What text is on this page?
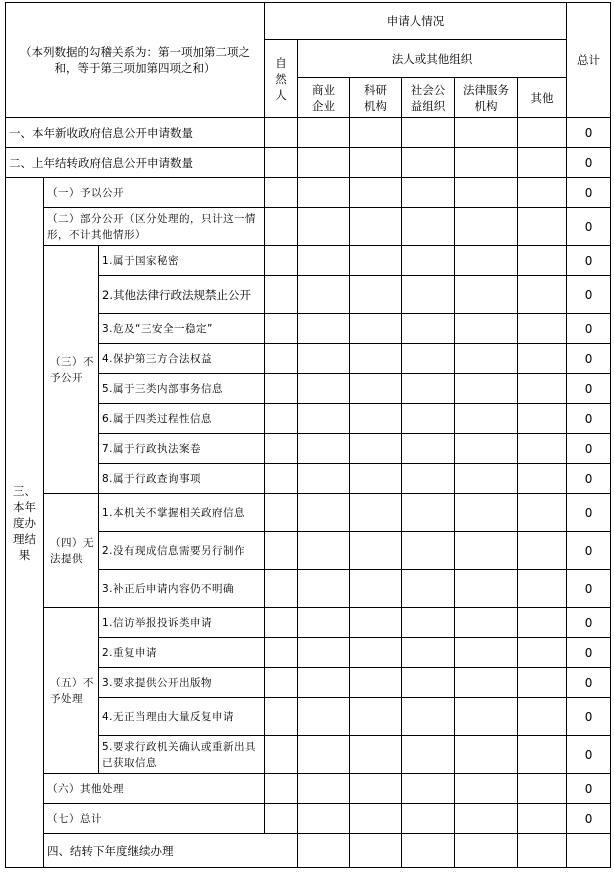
（本列数据的勾稽关系为：第一项加第二项之和，等于第三项加第四项之和）			申请人情况						总计	
			自然人	法人或其他组织						
				商业企业	科研机构	社会公益组织	法律服务机构	其他		
一、本年新收政府信息公开申请数量									0	
二、上年结转政府信息公开申请数量									0	
三、本年度办理结果	（一）予以公开								0	
	（二）部分公开（区分处理的，只计这一情形，不计其他情形）								0	
	（三）不予公开	1.属于国家秘密							0	
		2.其他法律行政法规禁止公开							0	
		3.危及“三安全一稳定”							0	
		4.保护第三方合法权益							0	
		5.属于三类内部事务信息							0	
		6.属于四类过程性信息							0	
		7.属于行政执法案卷							0	
		8.属于行政查询事项							0	
	（四）无法提供	1.本机关不掌握相关政府信息							0	
		2.没有现成信息需要另行制作							0	
		3.补正后申请内容仍不明确							0	
	（五）不予处理	1.信访举报投诉类申请							0	
		2.重复申请							0	
		3.要求提供公开出版物							0	
		4.无正当理由大量反复申请							0	
		5.要求行政机关确认或重新出具已获取信息							0	
	（六）其他处理								0	
	（七）总计								0	
	四、结转下年度继续办理							
